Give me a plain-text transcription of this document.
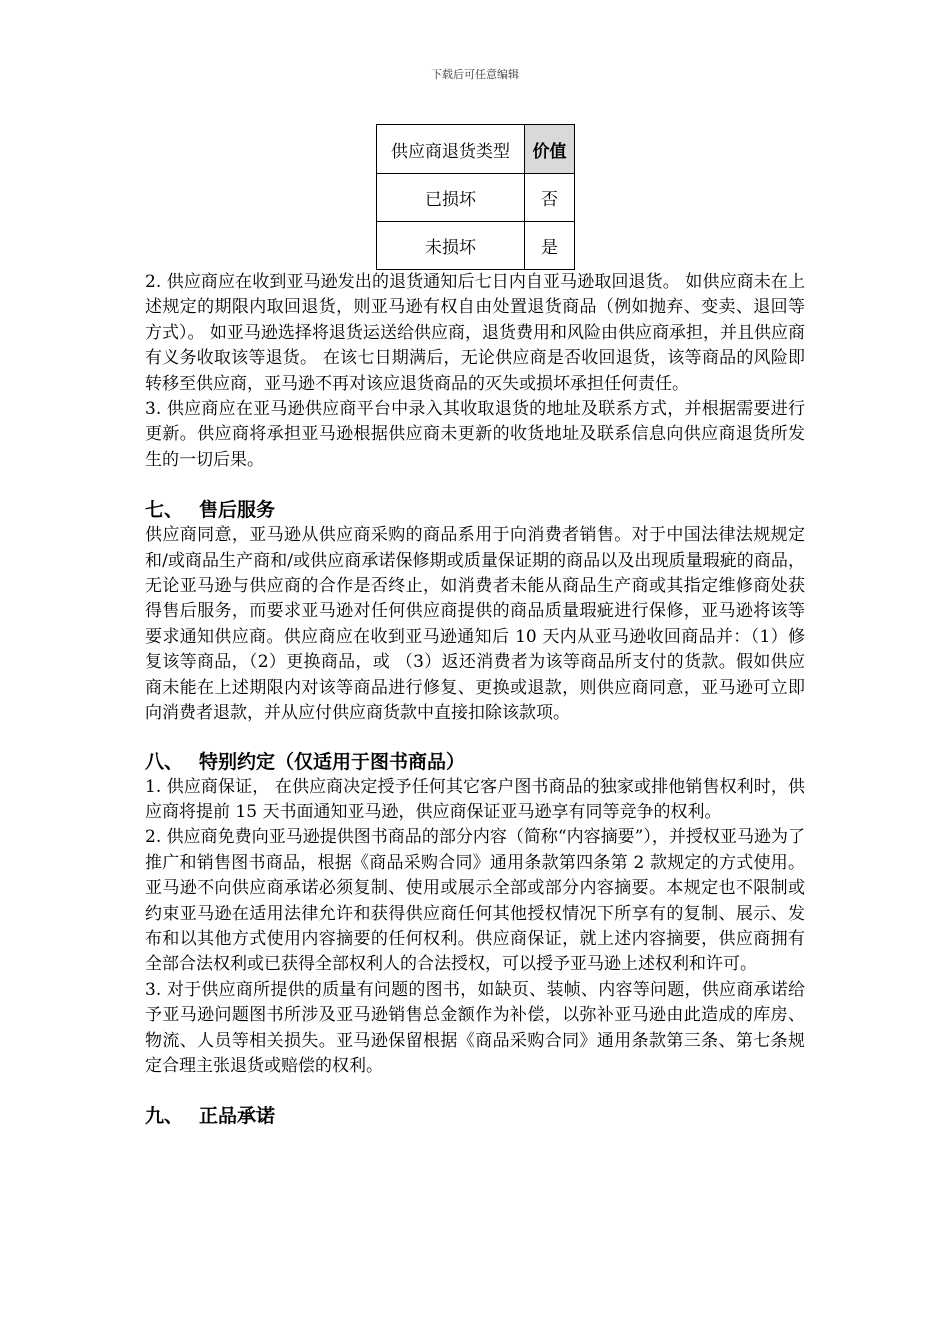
下载后可任意编辑
供应商退货类型	价值
已损坏	否
未损坏	是

2. 供应商应在收到亚马逊发出的退货通知后七日内自亚马逊取回退货。 如供应商未在上述规定的期限内取回退货，则亚马逊有权自由处置退货商品（例如抛弃、变卖、退回等方式）。 如亚马逊选择将退货运送给供应商，退货费用和风险由供应商承担，并且供应商有义务收取该等退货。 在该七日期满后，无论供应商是否收回退货，该等商品的风险即转移至供应商，亚马逊不再对该应退货商品的灭失或损坏承担任何责任。

3. 供应商应在亚马逊供应商平台中录入其收取退货的地址及联系方式，并根据需要进行更新。供应商将承担亚马逊根据供应商未更新的收货地址及联系信息向供应商退货所发生的一切后果。

七、 售后服务

供应商同意，亚马逊从供应商采购的商品系用于向消费者销售。对于中国法律法规规定和/或商品生产商和/或供应商承诺保修期或质量保证期的商品以及出现质量瑕疵的商品，无论亚马逊与供应商的合作是否终止，如消费者未能从商品生产商或其指定维修商处获得售后服务，而要求亚马逊对任何供应商提供的商品质量瑕疵进行保修，亚马逊将该等要求通知供应商。供应商应在收到亚马逊通知后 10 天内从亚马逊收回商品并：（1）修复该等商品，（2）更换商品，或 （3）返还消费者为该等商品所支付的货款。假如供应商未能在上述期限内对该等商品进行修复、更换或退款，则供应商同意，亚马逊可立即向消费者退款，并从应付供应商货款中直接扣除该款项。

八、 特别约定（仅适用于图书商品）

1. 供应商保证， 在供应商决定授予任何其它客户图书商品的独家或排他销售权利时，供应商将提前 15 天书面通知亚马逊，供应商保证亚马逊享有同等竞争的权利。

2. 供应商免费向亚马逊提供图书商品的部分内容（简称“内容摘要”），并授权亚马逊为了推广和销售图书商品，根据《商品采购合同》通用条款第四条第 2 款规定的方式使用。亚马逊不向供应商承诺必须复制、使用或展示全部或部分内容摘要。本规定也不限制或约束亚马逊在适用法律允许和获得供应商任何其他授权情况下所享有的复制、展示、发布和以其他方式使用内容摘要的任何权利。供应商保证，就上述内容摘要，供应商拥有全部合法权利或已获得全部权利人的合法授权，可以授予亚马逊上述权利和许可。

3. 对于供应商所提供的质量有问题的图书，如缺页、装帧、内容等问题，供应商承诺给予亚马逊问题图书所涉及亚马逊销售总金额作为补偿，以弥补亚马逊由此造成的库房、物流、人员等相关损失。亚马逊保留根据《商品采购合同》通用条款第三条、第七条规定合理主张退货或赔偿的权利。

九、 正品承诺
